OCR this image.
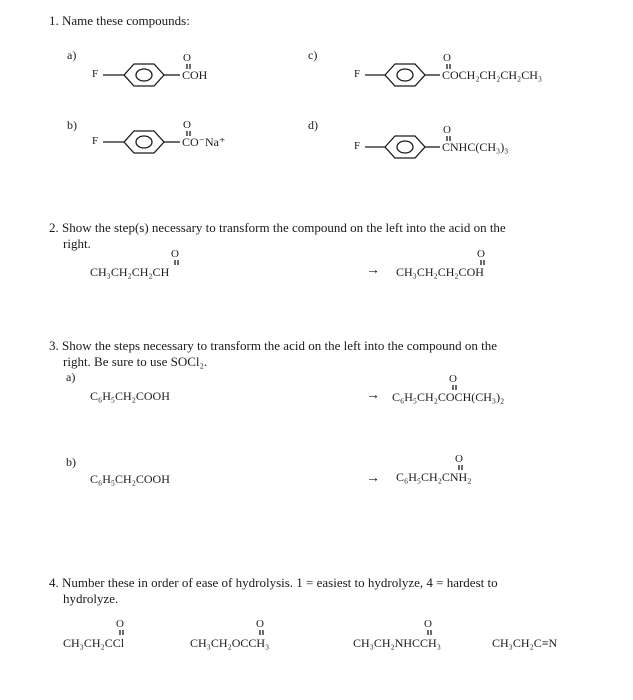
1. Name these compounds:
a)
F
O
COH
b)
F
O
CO⁻Na⁺
c)
F
O
COCH₂CH₂CH₂CH₃
d)
F
O
CNHC(CH₃)₃
2. Show the step(s) necessary to transform the compound on the left into the acid on the
right.
O
CH₃CH₂CH₂CH	→
O
CH₃CH₂CH₂COH
3. Show the steps necessary to transform the acid on the left into the compound on the
right. Be sure to use SOCl₂.
a)
C₆H₅CH₂COOH	→
O
C₆H₅CH₂COCH(CH₃)₂
b)
C₆H₅CH₂COOH	→
O
C₆H₅CH₂CNH₂
4. Number these in order of ease of hydrolysis. 1 = easiest to hydrolyze, 4 = hardest to
hydrolyze.
O
CH₃CH₂CCl
O
CH₃CH₂OCCH₃
O
CH₃CH₂NHCCH₃	CH₃CH₂C≡N
